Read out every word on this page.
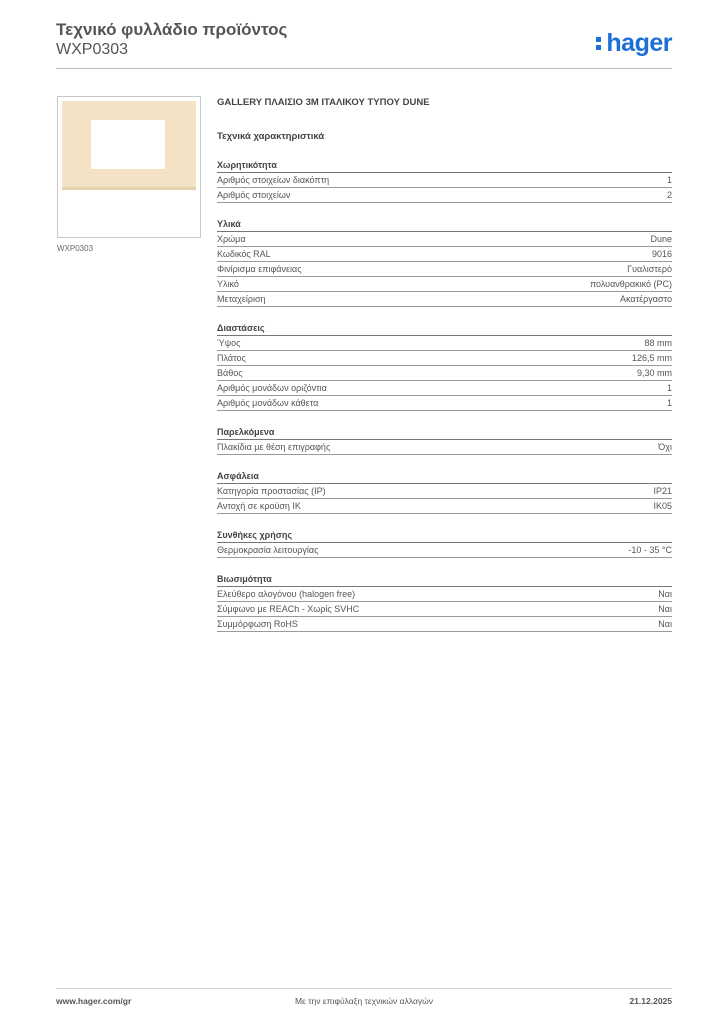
Τεχνικό φυλλάδιο προϊόντος
WXP0303	hager
WXP0303
GALLERY ΠΛΑΙΣΙΟ 3M ΙΤΑΛΙΚΟΥ ΤΥΠΟΥ DUNE
Τεχνικά χαρακτηριστικά
Χωρητικότητα
Αριθμός στοιχείων διακόπτη	1
Αριθμός στοιχείων	2
Υλικά
Χρώμα	Dune
Κωδικός RAL	9016
Φινίρισμα επιφάνειας	Γυαλιστερό
Υλικό	πολυανθρακικό (PC)
Μεταχείριση	Ακατέργαστο
Διαστάσεις
Ύψος	88 mm
Πλάτος	126,5 mm
Βάθος	9,30 mm
Αριθμός μονάδων οριζόντια	1
Αριθμός μονάδων κάθετα	1
Παρελκόμενα
Πλακίδια με θέση επιγραφής	Όχι
Ασφάλεια
Κατηγορία προστασίας (IP)	IP21
Αντοχή σε κρούση IK	IK05
Συνθήκες χρήσης
Θερμοκρασία λειτουργίας	-10 - 35 °C
Βιωσιμότητα
Ελεύθερο αλογόνου (halogen free)	Ναι
Σύμφωνο με REACh - Χωρίς SVHC	Ναι
Συμμόρφωση RoHS	Ναι
www.hager.com/gr	Με την επιφύλαξη τεχνικών αλλαγών	21.12.2025
